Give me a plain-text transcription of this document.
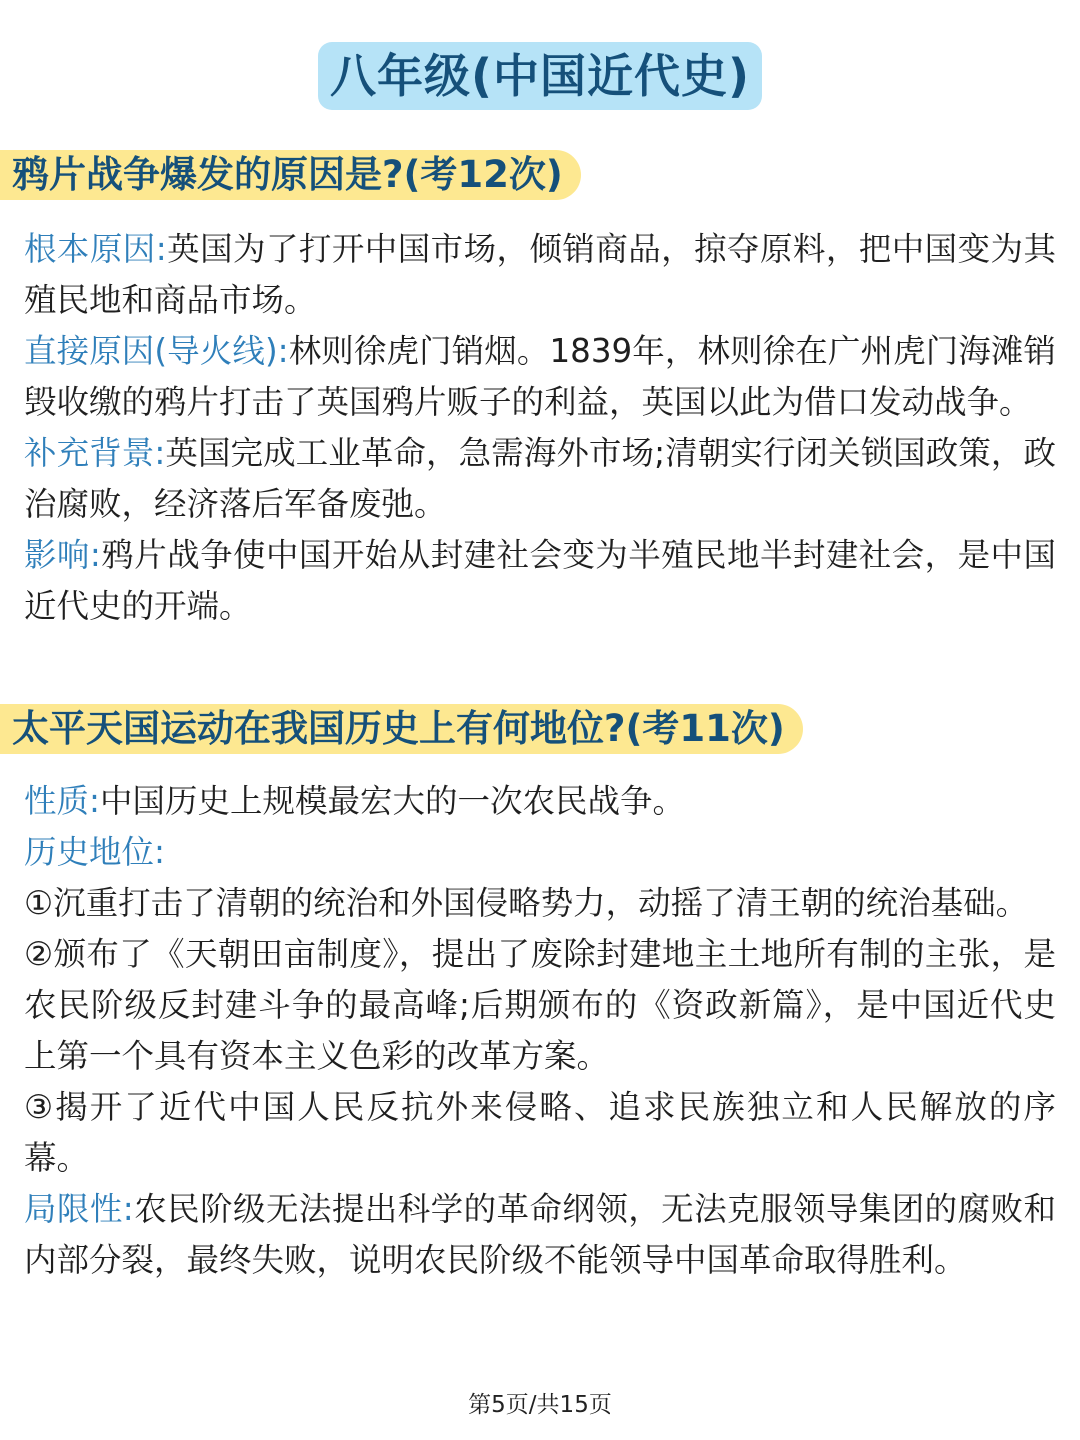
八年级(中国近代史)
鸦片战争爆发的原因是?(考12次)

根本原因:英国为了打开中国市场，倾销商品，掠夺原料，把中国变为其殖民地和商品市场。

直接原因(导火线):林则徐虎门销烟。1839年，林则徐在广州虎门海滩销毁收缴的鸦片打击了英国鸦片贩子的利益，英国以此为借口发动战争。

补充背景:英国完成工业革命，急需海外市场;清朝实行闭关锁国政策，政治腐败，经济落后军备废弛。

影响:鸦片战争使中国开始从封建社会变为半殖民地半封建社会，是中国近代史的开端。

太平天国运动在我国历史上有何地位?(考11次)

性质:中国历史上规模最宏大的一次农民战争。

历史地位:

①沉重打击了清朝的统治和外国侵略势力，动摇了清王朝的统治基础。

②颁布了《天朝田亩制度》，提出了废除封建地主土地所有制的主张，是农民阶级反封建斗争的最高峰;后期颁布的《资政新篇》，是中国近代史上第一个具有资本主义色彩的改革方案。

③揭开了近代中国人民反抗外来侵略、追求民族独立和人民解放的序幕。

局限性:农民阶级无法提出科学的革命纲领，无法克服领导集团的腐败和内部分裂，最终失败，说明农民阶级不能领导中国革命取得胜利。

第5页/共15页
